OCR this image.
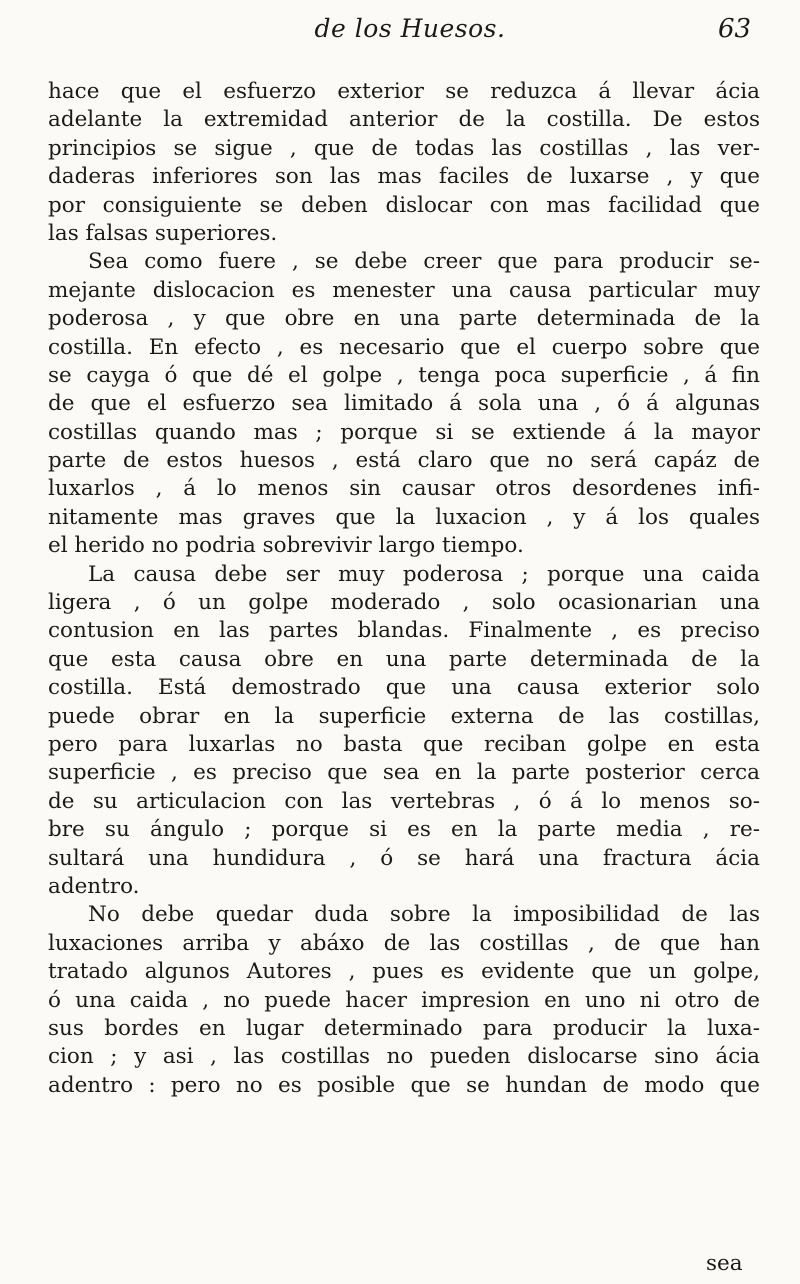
de los Huesos.	63
hace que el esfuerzo exterior se reduzca á llevar ácia
adelante la extremidad anterior de la costilla. De estos
principios se sigue , que de todas las costillas , las ver-
daderas inferiores son las mas faciles de luxarse , y que
por consiguiente se deben dislocar con mas facilidad que
las falsas superiores.
Sea como fuere , se debe creer que para producir se-
mejante dislocacion es menester una causa particular muy
poderosa , y que obre en una parte determinada de la
costilla. En efecto , es necesario que el cuerpo sobre que
se cayga ó que dé el golpe , tenga poca superficie , á fin
de que el esfuerzo sea limitado á sola una , ó á algunas
costillas quando mas ; porque si se extiende á la mayor
parte de estos huesos , está claro que no será capáz de
luxarlos , á lo menos sin causar otros desordenes infi-
nitamente mas graves que la luxacion , y á los quales
el herido no podria sobrevivir largo tiempo.
La causa debe ser muy poderosa ; porque una caida
ligera , ó un golpe moderado , solo ocasionarian una
contusion en las partes blandas. Finalmente , es preciso
que esta causa obre en una parte determinada de la
costilla. Está demostrado que una causa exterior solo
puede obrar en la superficie externa de las costillas,
pero para luxarlas no basta que reciban golpe en esta
superficie , es preciso que sea en la parte posterior cerca
de su articulacion con las vertebras , ó á lo menos so-
bre su ángulo ; porque si es en la parte media , re-
sultará una hundidura , ó se hará una fractura ácia
adentro.
No debe quedar duda sobre la imposibilidad de las
luxaciones arriba y abáxo de las costillas , de que han
tratado algunos Autores , pues es evidente que un golpe,
ó una caida , no puede hacer impresion en uno ni otro de
sus bordes en lugar determinado para producir la luxa-
cion ; y asi , las costillas no pueden dislocarse sino ácia
adentro : pero no es posible que se hundan de modo que
sea
